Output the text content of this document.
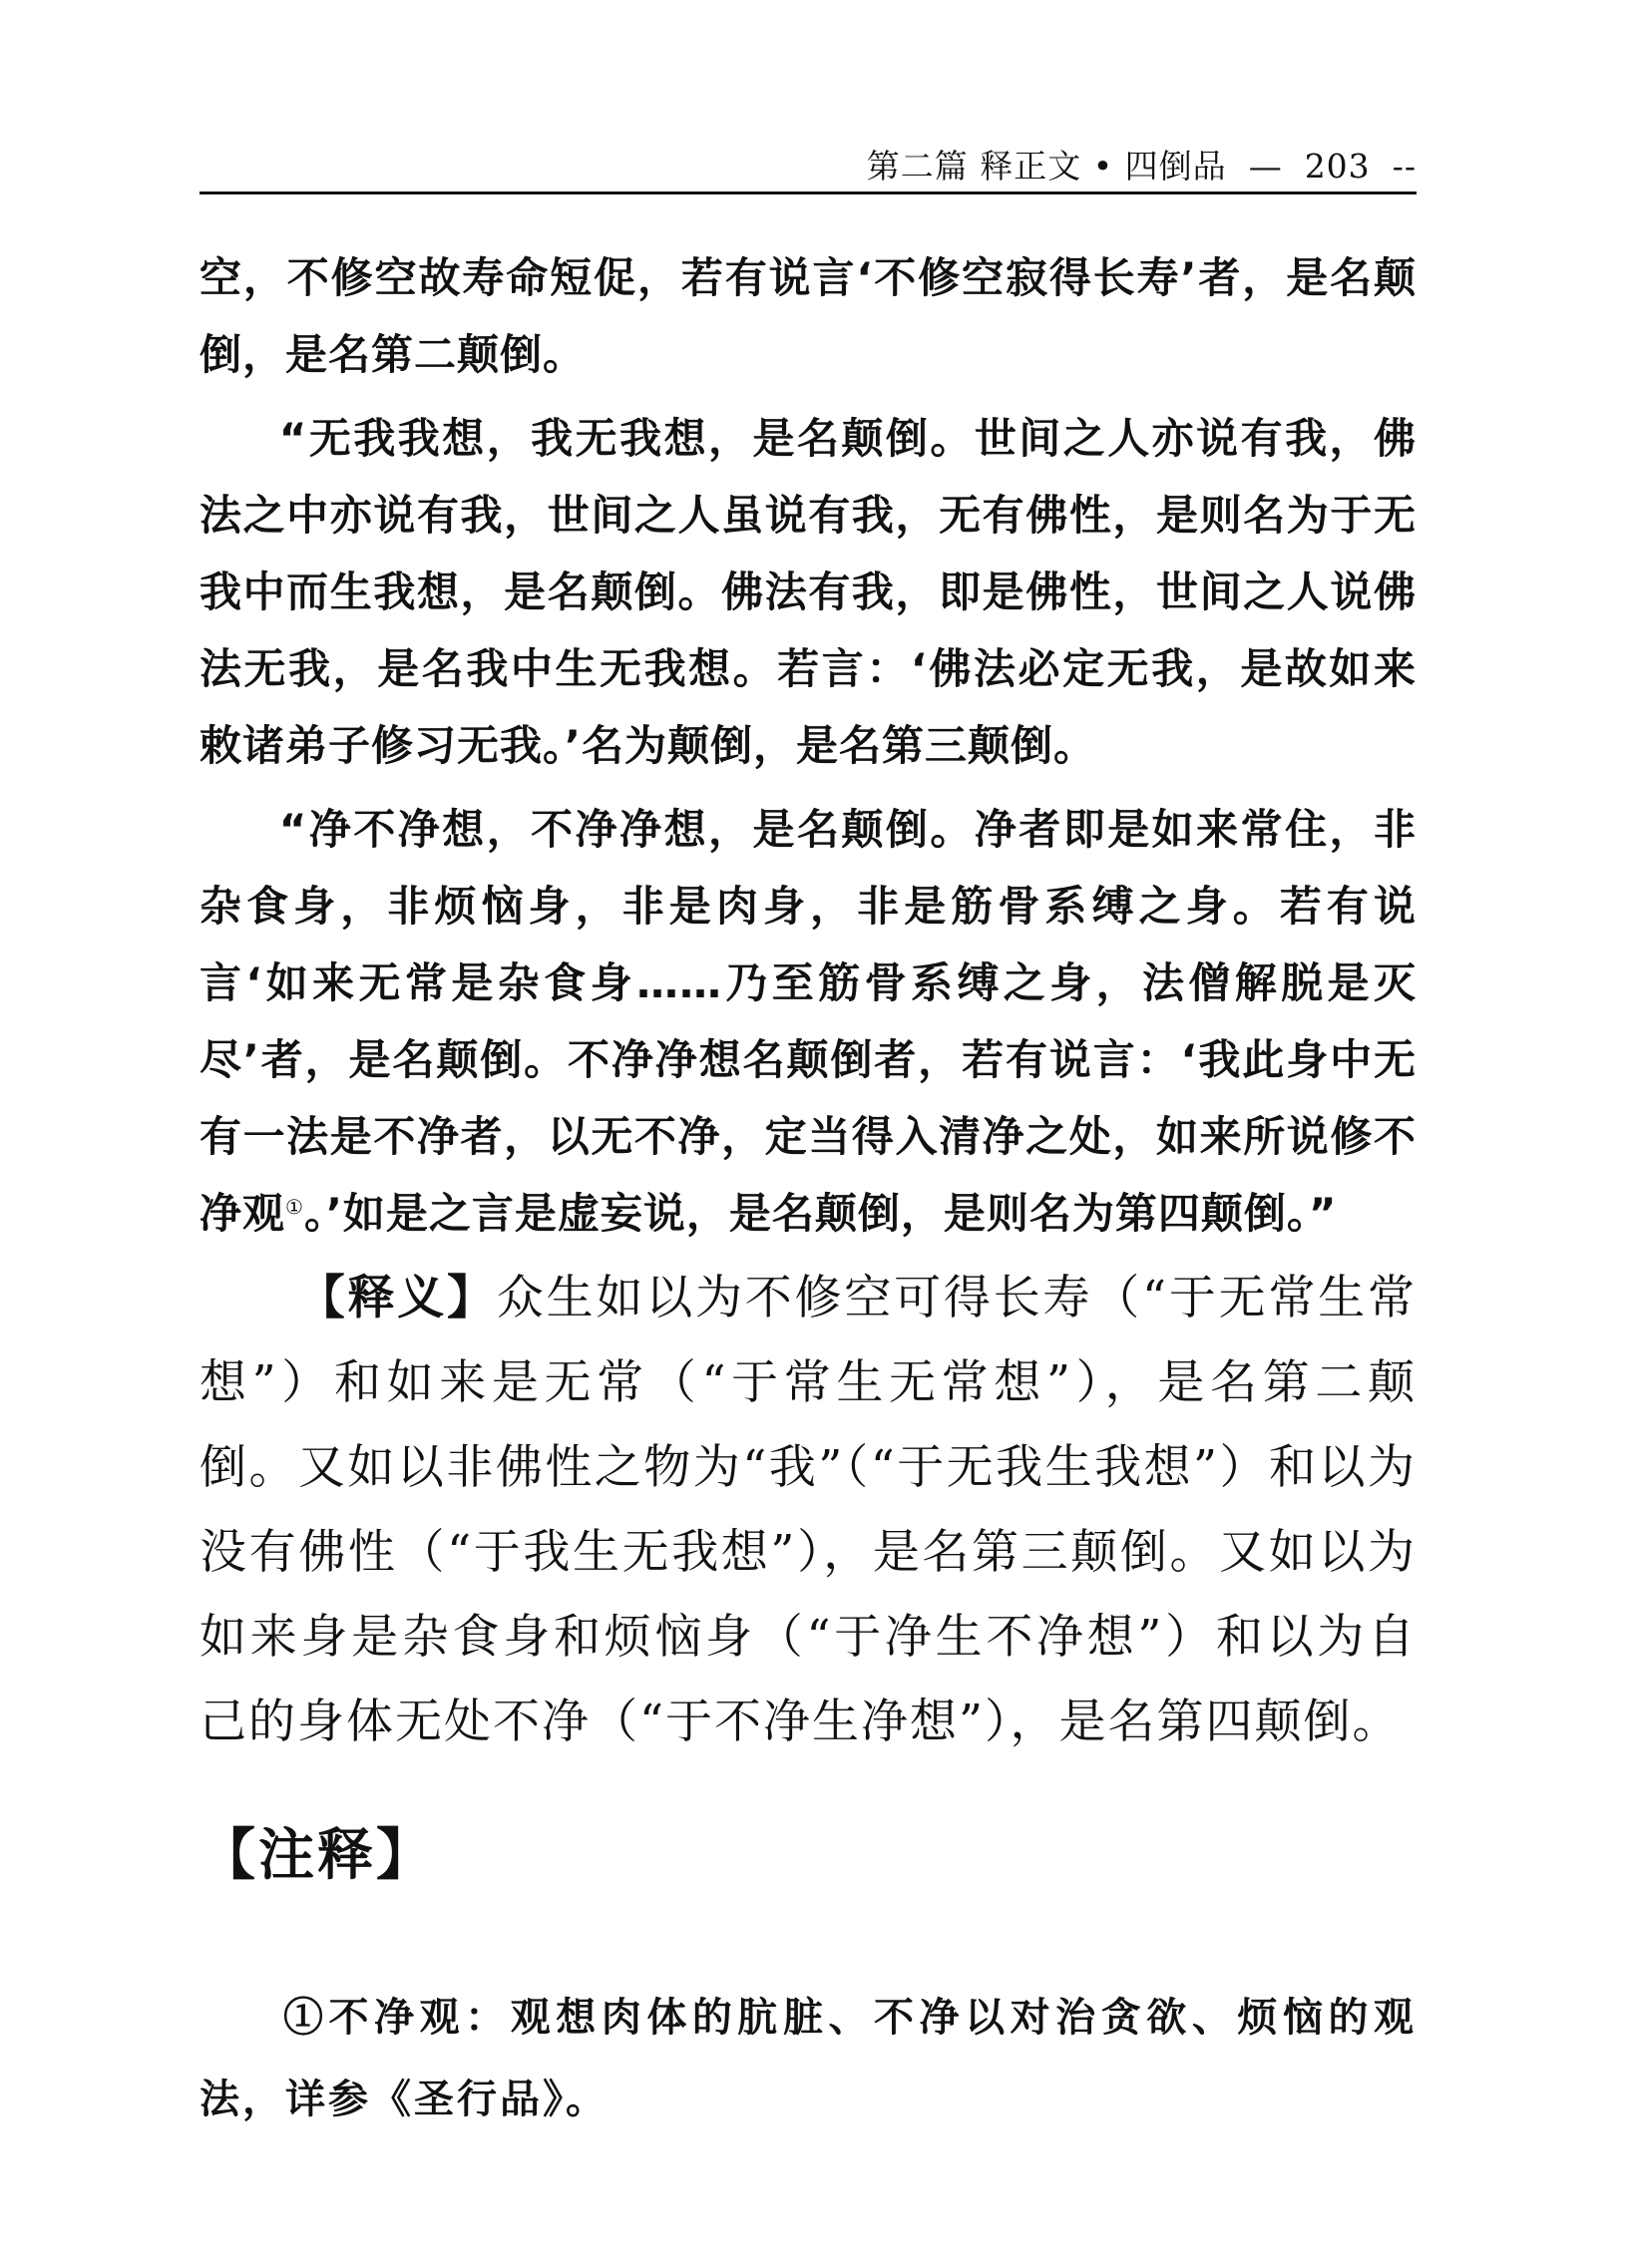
第二篇 释正文 • 四倒品 — 203 --

空，不修空故寿命短促，若有说言‘不修空寂得长寿’者，是名颠倒，是名第二颠倒。

“无我我想，我无我想，是名颠倒。世间之人亦说有我，佛法之中亦说有我，世间之人虽说有我，无有佛性，是则名为于无我中而生我想，是名颠倒。佛法有我，即是佛性，世间之人说佛法无我，是名我中生无我想。若言：‘佛法必定无我，是故如来敕诸弟子修习无我。’名为颠倒，是名第三颠倒。

“净不净想，不净净想，是名颠倒。净者即是如来常住，非杂食身，非烦恼身，非是肉身，非是筋骨系缚之身。若有说言‘如来无常是杂食身……乃至筋骨系缚之身，法僧解脱是灭尽’者，是名颠倒。不净净想名颠倒者，若有说言：‘我此身中无有一法是不净者，以无不净，定当得入清净之处，如来所说修不净观①。’如是之言是虚妄说，是名颠倒，是则名为第四颠倒。”

【释义】众生如以为不修空可得长寿（“于无常生常想”）和如来是无常（“于常生无常想”），是名第二颠倒。又如以非佛性之物为“我”（“于无我生我想”）和以为没有佛性（“于我生无我想”），是名第三颠倒。又如以为如来身是杂食身和烦恼身（“于净生不净想”）和以为自己的身体无处不净（“于不净生净想”），是名第四颠倒。

【注释】

①不净观：观想肉体的肮脏、不净以对治贪欲、烦恼的观法，详参《圣行品》。
